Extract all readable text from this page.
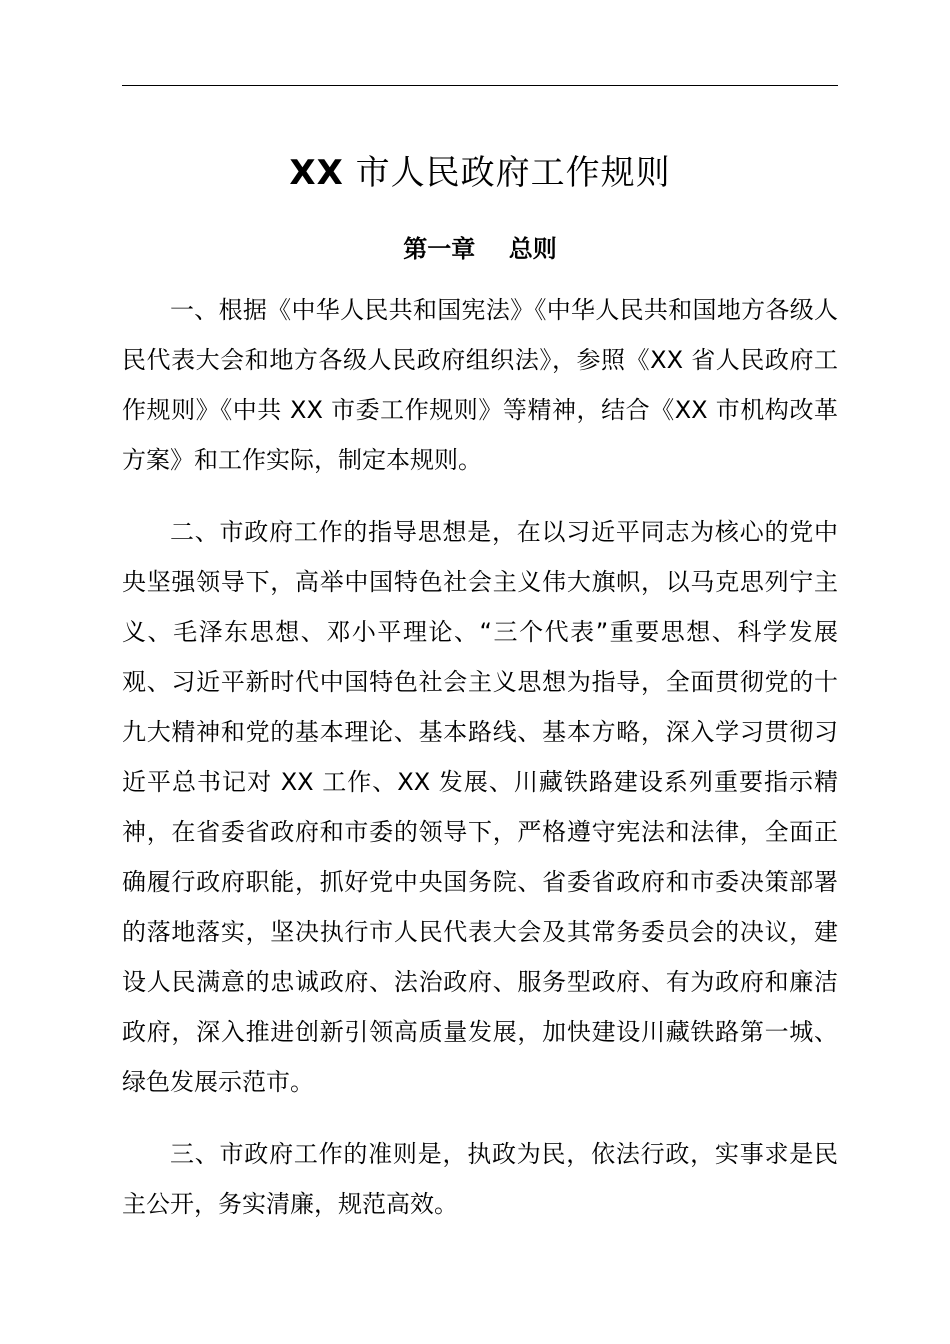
XX 市人民政府工作规则
第一章    总则

一、根据《中华人民共和国宪法》《中华人民共和国地方各级人民代表大会和地方各级人民政府组织法》，参照《XX 省人民政府工作规则》《中共 XX 市委工作规则》等精神，结合《XX 市机构改革方案》和工作实际，制定本规则。

二、市政府工作的指导思想是，在以习近平同志为核心的党中央坚强领导下，高举中国特色社会主义伟大旗帜，以马克思列宁主义、毛泽东思想、邓小平理论、“三个代表”重要思想、科学发展观、习近平新时代中国特色社会主义思想为指导，全面贯彻党的十九大精神和党的基本理论、基本路线、基本方略，深入学习贯彻习近平总书记对 XX 工作、XX 发展、川藏铁路建设系列重要指示精神，在省委省政府和市委的领导下，严格遵守宪法和法律，全面正确履行政府职能，抓好党中央国务院、省委省政府和市委决策部署的落地落实，坚决执行市人民代表大会及其常务委员会的决议，建设人民满意的忠诚政府、法治政府、服务型政府、有为政府和廉洁政府，深入推进创新引领高质量发展，加快建设川藏铁路第一城、绿色发展示范市。

三、市政府工作的准则是，执政为民，依法行政，实事求是民主公开，务实清廉，规范高效。
